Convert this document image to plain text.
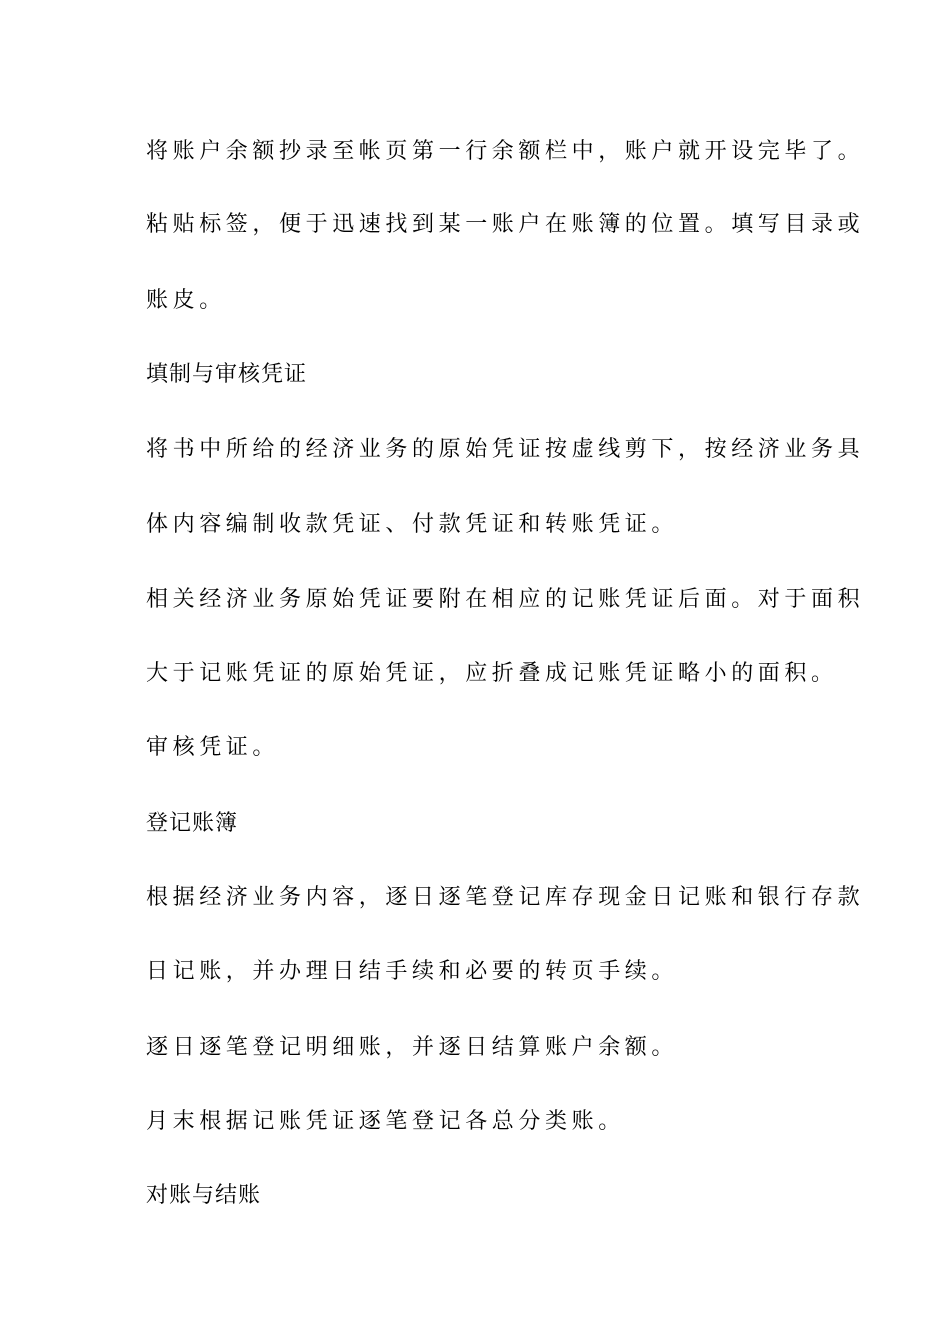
将账户余额抄录至帐页第一行余额栏中，账户就开设完毕了。

粘贴标签，便于迅速找到某一账户在账簿的位置。填写目录或

账皮。

填制与审核凭证

将书中所给的经济业务的原始凭证按虚线剪下，按经济业务具

体内容编制收款凭证、付款凭证和转账凭证。

相关经济业务原始凭证要附在相应的记账凭证后面。对于面积

大于记账凭证的原始凭证，应折叠成记账凭证略小的面积。

审核凭证。

登记账簿

根据经济业务内容，逐日逐笔登记库存现金日记账和银行存款

日记账，并办理日结手续和必要的转页手续。

逐日逐笔登记明细账，并逐日结算账户余额。

月末根据记账凭证逐笔登记各总分类账。

对账与结账
